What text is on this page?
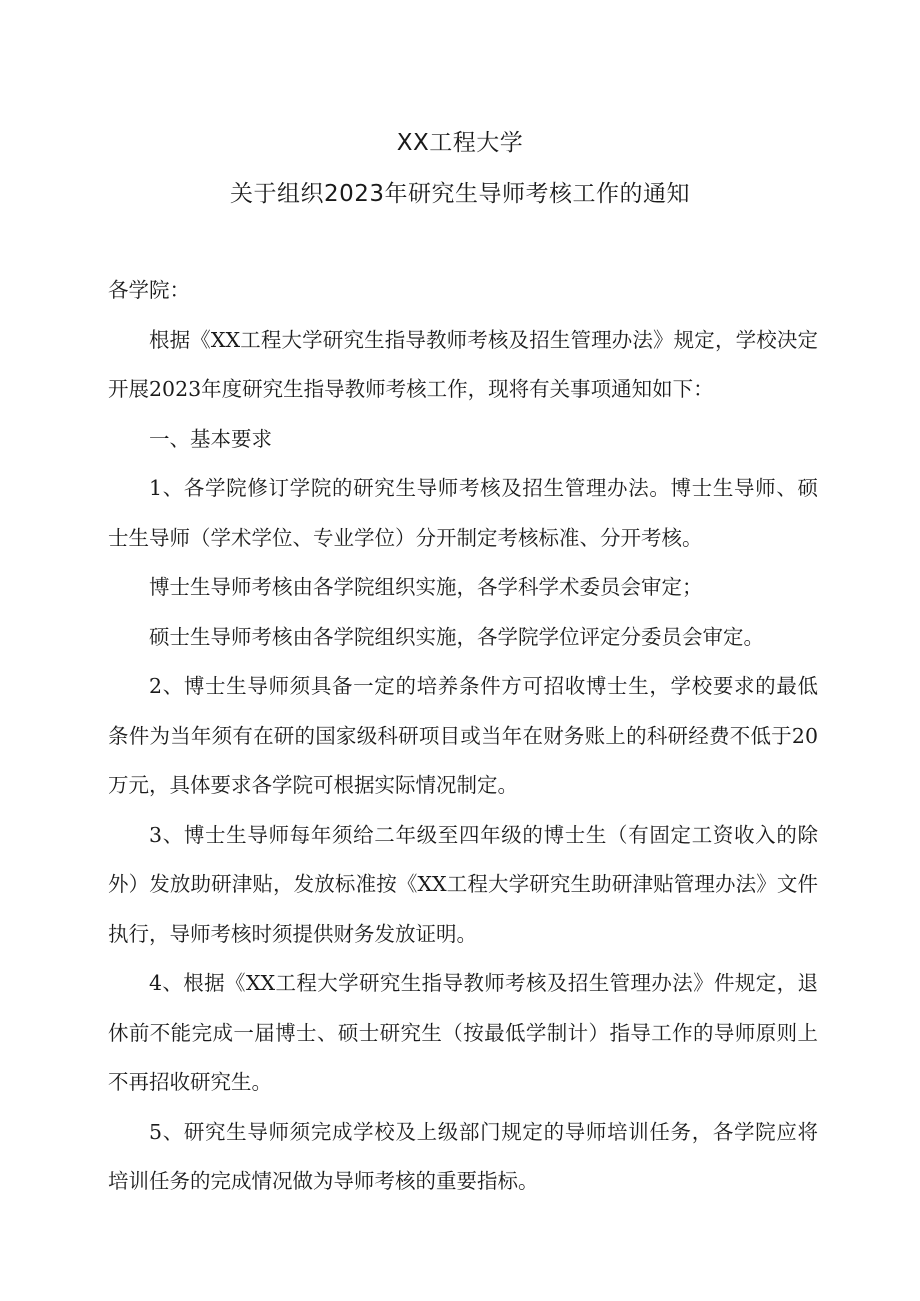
XX工程大学
关于组织2023年研究生导师考核工作的通知

各学院：

根据《XX工程大学研究生指导教师考核及招生管理办法》规定，学校决定开展2023年度研究生指导教师考核工作，现将有关事项通知如下：

一、基本要求

1、各学院修订学院的研究生导师考核及招生管理办法。博士生导师、硕士生导师（学术学位、专业学位）分开制定考核标准、分开考核。

博士生导师考核由各学院组织实施，各学科学术委员会审定；

硕士生导师考核由各学院组织实施，各学院学位评定分委员会审定。

2、博士生导师须具备一定的培养条件方可招收博士生，学校要求的最低条件为当年须有在研的国家级科研项目或当年在财务账上的科研经费不低于20万元，具体要求各学院可根据实际情况制定。

3、博士生导师每年须给二年级至四年级的博士生（有固定工资收入的除外）发放助研津贴，发放标准按《XX工程大学研究生助研津贴管理办法》文件执行，导师考核时须提供财务发放证明。

4、根据《XX工程大学研究生指导教师考核及招生管理办法》件规定，退休前不能完成一届博士、硕士研究生（按最低学制计）指导工作的导师原则上不再招收研究生。

5、研究生导师须完成学校及上级部门规定的导师培训任务，各学院应将培训任务的完成情况做为导师考核的重要指标。
